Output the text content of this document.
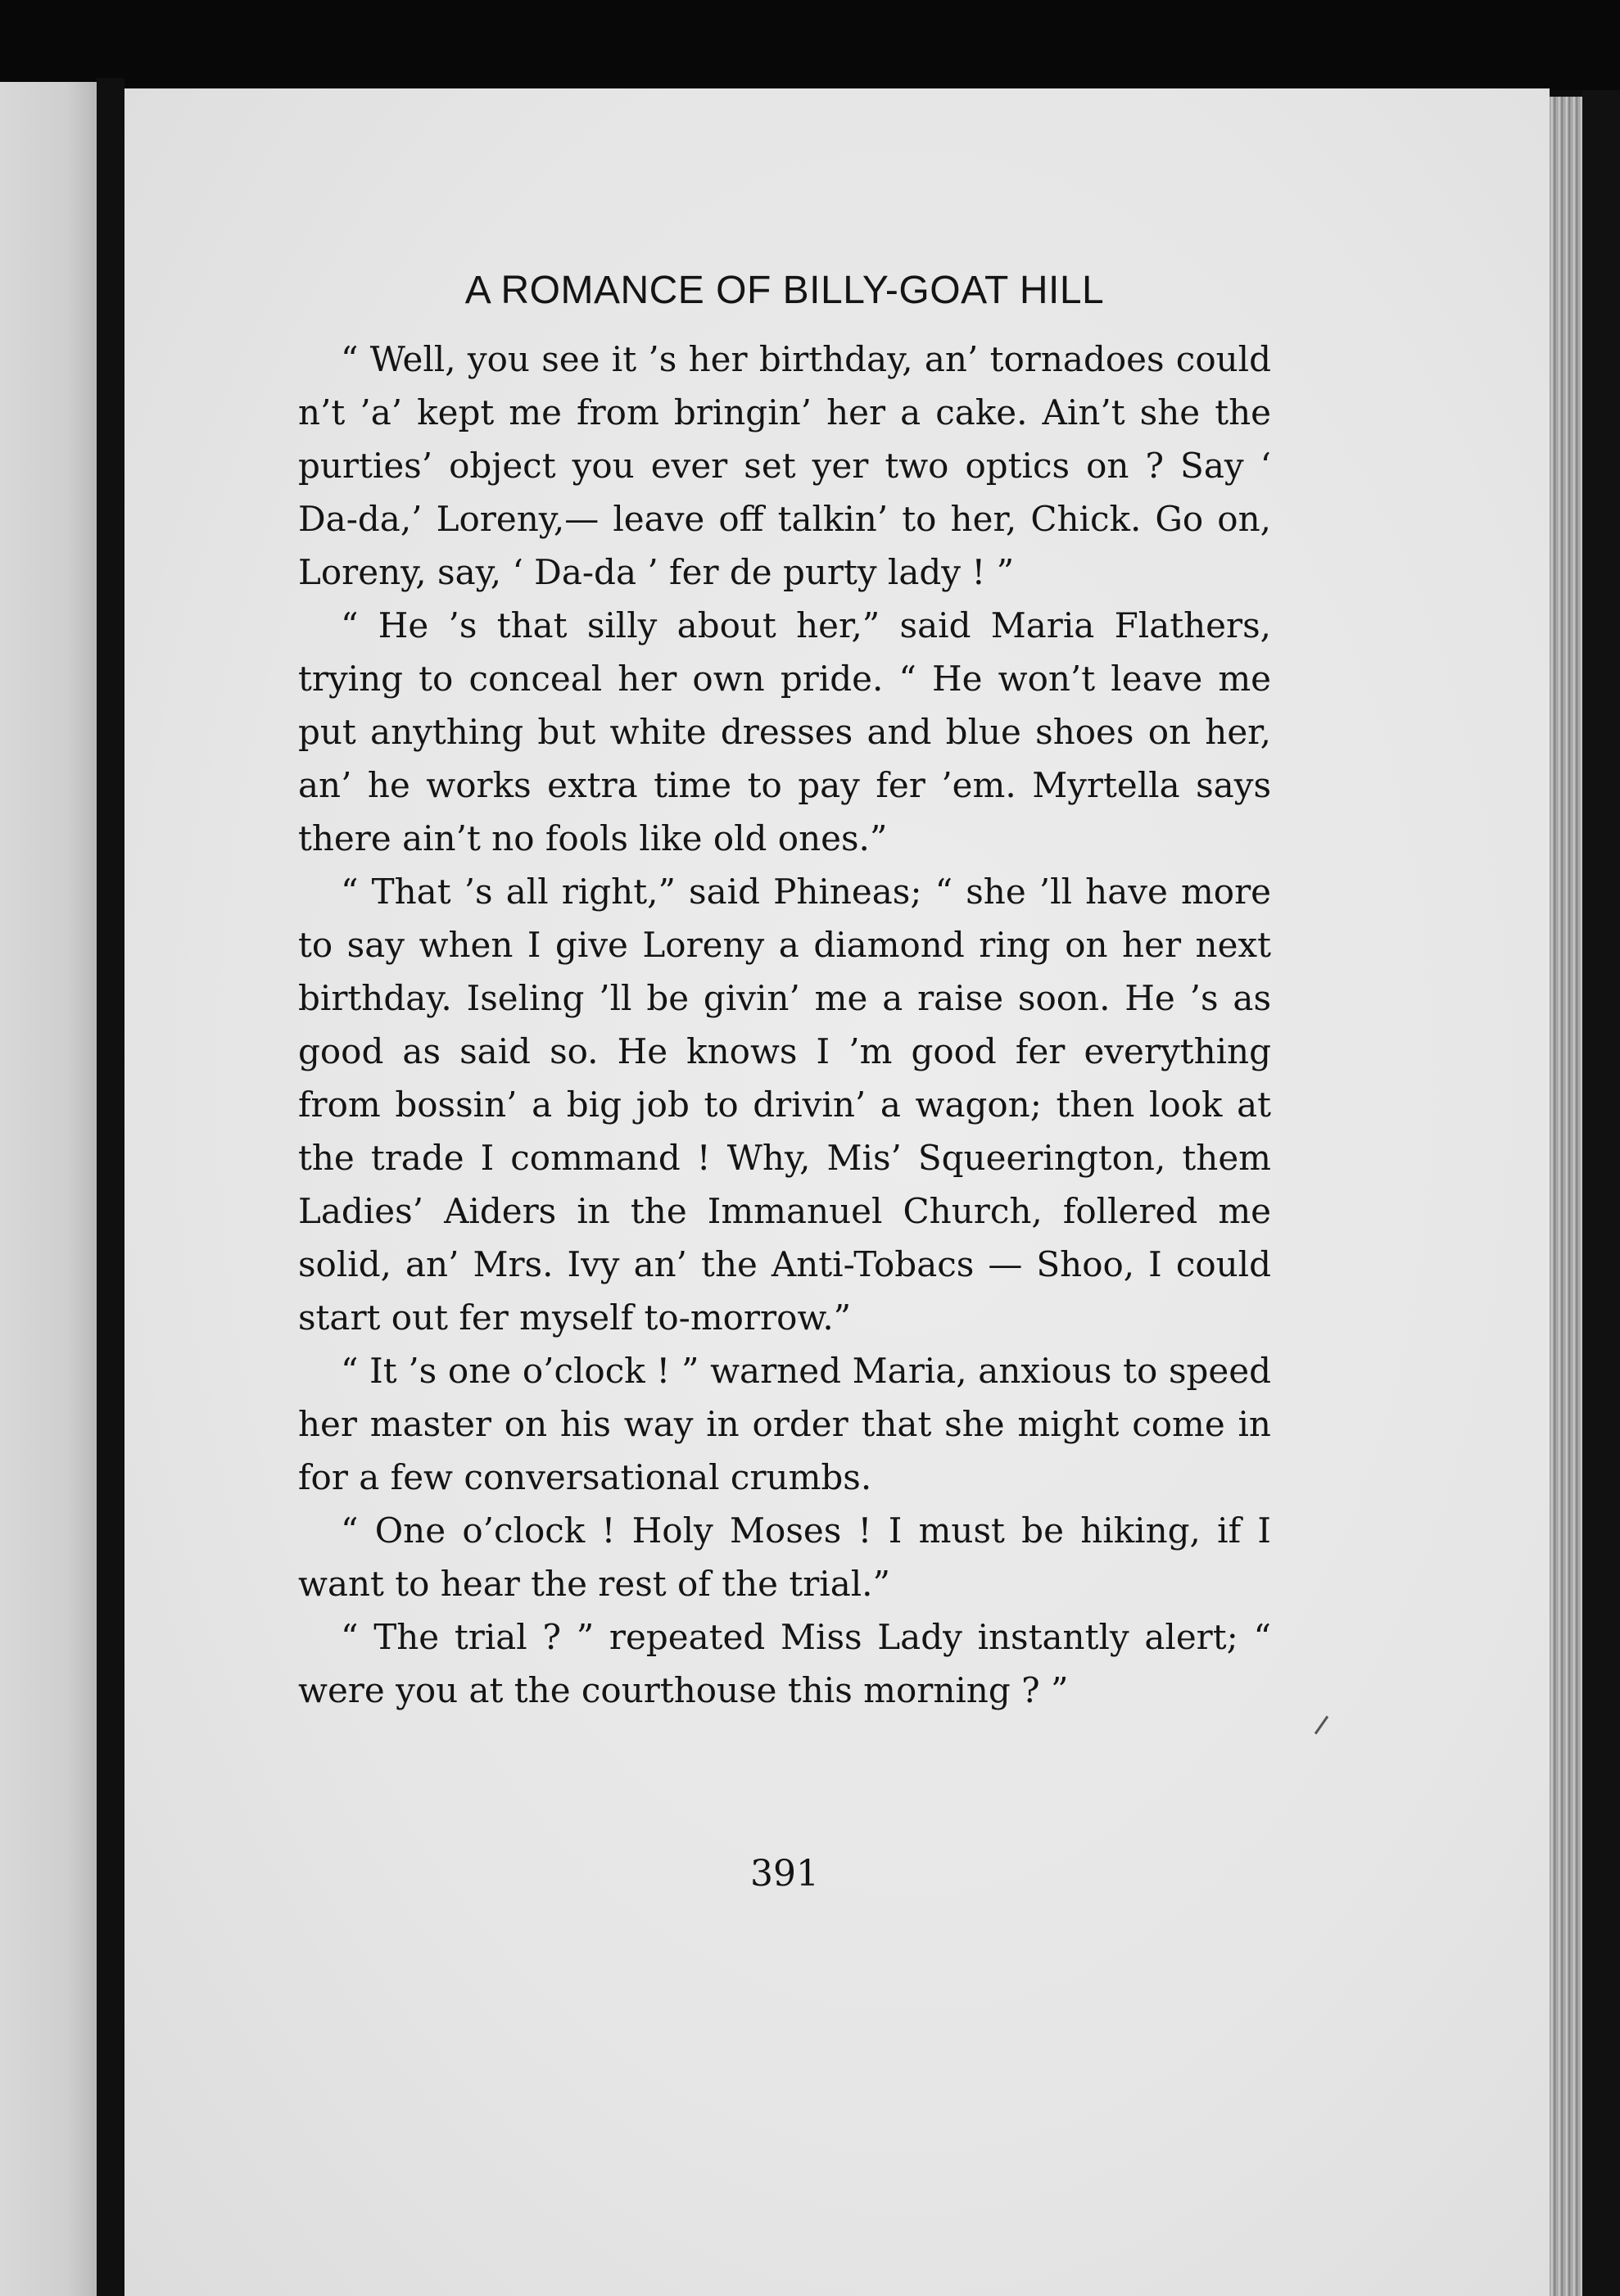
A ROMANCE OF BILLY-GOAT HILL

“ Well, you see it ’s her birthday, an’ tornadoes could n’t ’a’ kept me from bringin’ her a cake. Ain’t she the purties’ object you ever set yer two optics on ? Say ‘ Da-da,’ Loreny,— leave off talkin’ to her, Chick. Go on, Loreny, say, ‘ Da-da ’ fer de purty lady ! ”

“ He ’s that silly about her,” said Maria Flathers, trying to conceal her own pride. “ He won’t leave me put anything but white dresses and blue shoes on her, an’ he works extra time to pay fer ’em. Myrtella says there ain’t no fools like old ones.”

“ That ’s all right,” said Phineas; “ she ’ll have more to say when I give Loreny a diamond ring on her next birthday. Iseling ’ll be givin’ me a raise soon. He ’s as good as said so. He knows I ’m good fer everything from bossin’ a big job to drivin’ a wagon; then look at the trade I command ! Why, Mis’ Squeerington, them Ladies’ Aiders in the Immanuel Church, follered me solid, an’ Mrs. Ivy an’ the Anti-Tobacs — Shoo, I could start out fer myself to-morrow.”

“ It ’s one o’clock ! ” warned Maria, anxious to speed her master on his way in order that she might come in for a few conversational crumbs.

“ One o’clock ! Holy Moses ! I must be hiking, if I want to hear the rest of the trial.”

“ The trial ? ” repeated Miss Lady instantly alert; “ were you at the courthouse this morning ? ”

391
